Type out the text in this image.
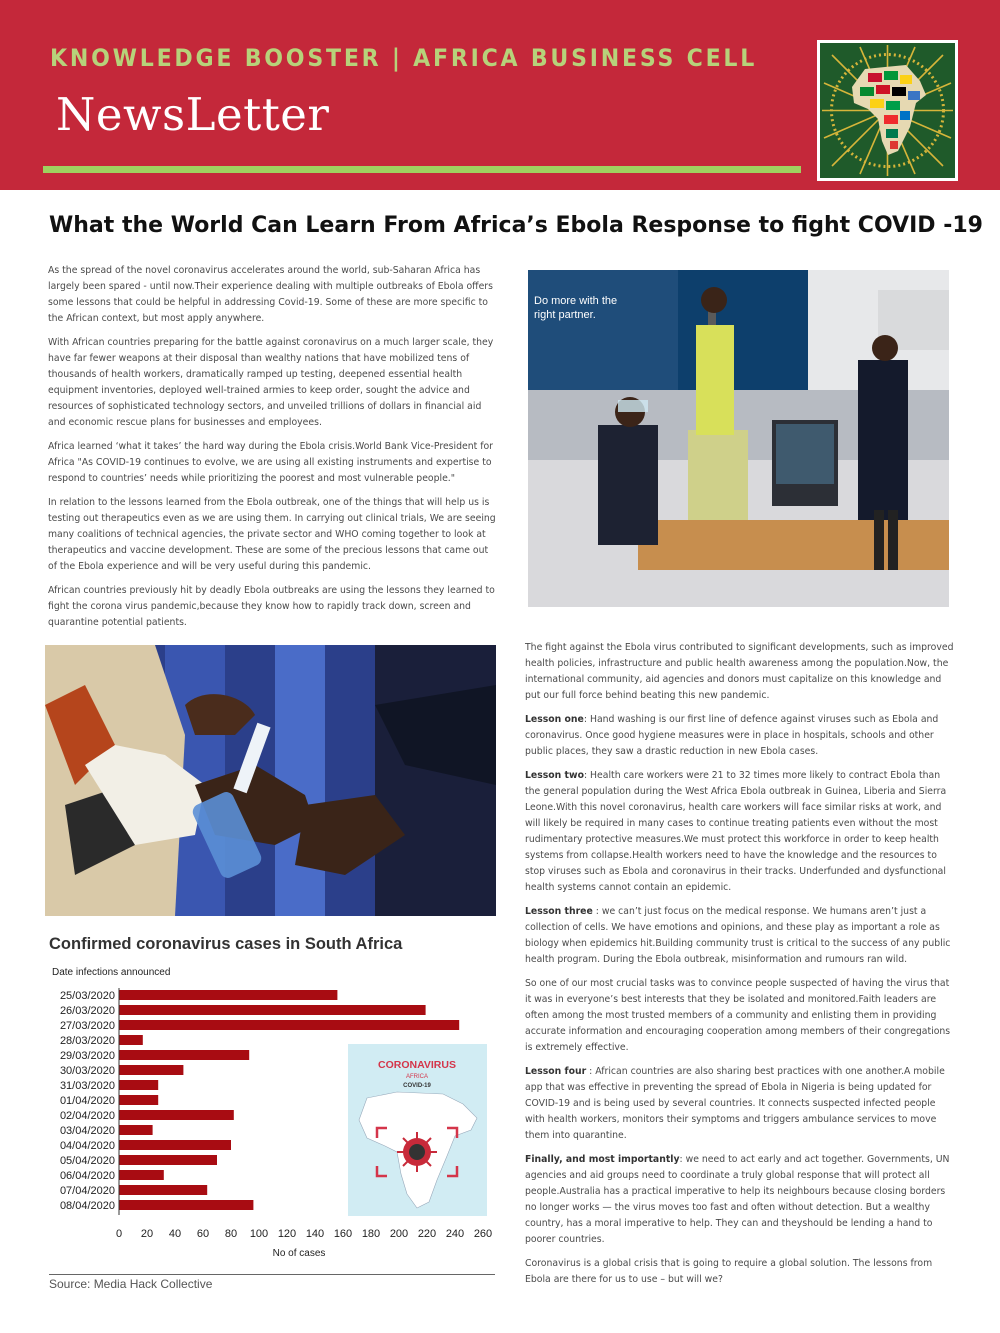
KNOWLEDGE BOOSTER | AFRICA BUSINESS CELL
NewsLetter
What the World Can Learn From Africa’s Ebola Response to fight COVID -19

As the spread of the novel coronavirus accelerates around the world, sub-Saharan Africa has largely been spared - until now.Their experience dealing with multiple outbreaks of Ebola offers some lessons that could be helpful in addressing Covid-19. Some of these are more specific to the African context, but most apply anywhere.

With African countries preparing for the battle against coronavirus on a much larger scale, they have far fewer weapons at their disposal than wealthy nations that have mobilized tens of thousands of health workers, dramatically ramped up testing, deepened essential health equipment inventories, deployed well-trained armies to keep order, sought the advice and resources of sophisticated technology sectors, and unveiled trillions of dollars in financial aid and economic rescue plans for businesses and employees.

Africa learned ‘what it takes’ the hard way during the Ebola crisis.World Bank Vice-President for Africa "As COVID-19 continues to evolve, we are using all existing instruments and expertise to respond to countries’ needs while prioritizing the poorest and most vulnerable people."

In relation to the lessons learned from the Ebola outbreak, one of the things that will help us is testing out therapeutics even as we are using them. In carrying out clinical trials, We are seeing many coalitions of technical agencies, the private sector and WHO coming together to look at therapeutics and vaccine development. These are some of the precious lessons that came out of the Ebola experience and will be very useful during this pandemic.

African countries previously hit by deadly Ebola outbreaks are using the lessons they learned to fight the corona virus pandemic,because they know how to rapidly track down, screen and quarantine potential patients.

Do more with the
right partner.
Confirmed coronavirus cases in South Africa
Date infections announced
CORONAVIRUS
AFRICA
COVID-19
25/03/2020
26/03/2020
27/03/2020
28/03/2020
29/03/2020
30/03/2020
31/03/2020
01/04/2020
02/04/2020
03/04/2020
04/04/2020
05/04/2020
06/04/2020
07/04/2020
08/04/2020
0 20 40 60 80 100 120 140 160 180 200 220 240 260
No of cases
Source: Media Hack Collective

The fight against the Ebola virus contributed to significant developments, such as improved health policies, infrastructure and public health awareness among the population.Now, the international community, aid agencies and donors must capitalize on this knowledge and put our full force behind beating this new pandemic.

Lesson one: Hand washing is our first line of defence against viruses such as Ebola and coronavirus. Once good hygiene measures were in place in hospitals, schools and other public places, they saw a drastic reduction in new Ebola cases.

Lesson two: Health care workers were 21 to 32 times more likely to contract Ebola than the general population during the West Africa Ebola outbreak in Guinea, Liberia and Sierra Leone.With this novel coronavirus, health care workers will face similar risks at work, and will likely be required in many cases to continue treating patients even without the most rudimentary protective measures.We must protect this workforce in order to keep health systems from collapse.Health workers need to have the knowledge and the resources to stop viruses such as Ebola and coronavirus in their tracks. Underfunded and dysfunctional health systems cannot contain an epidemic.

Lesson three : we can’t just focus on the medical response. We humans aren’t just a collection of cells. We have emotions and opinions, and these play as important a role as biology when epidemics hit.Building community trust is critical to the success of any public health program. During the Ebola outbreak, misinformation and rumours ran wild.

So one of our most crucial tasks was to convince people suspected of having the virus that it was in everyone’s best interests that they be isolated and monitored.Faith leaders are often among the most trusted members of a community and enlisting them in providing accurate information and encouraging cooperation among members of their congregations is extremely effective.

Lesson four : African countries are also sharing best practices with one another.A mobile app that was effective in preventing the spread of Ebola in Nigeria is being updated for COVID-19 and is being used by several countries. It connects suspected infected people with health workers, monitors their symptoms and triggers ambulance services to move them into quarantine.

Finally, and most importantly: we need to act early and act together. Governments, UN agencies and aid groups need to coordinate a truly global response that will protect all people.Australia has a practical imperative to help its neighbours because closing borders no longer works — the virus moves too fast and often without detection. But a wealthy country, has a moral imperative to help. They can and theyshould be lending a hand to poorer countries.

Coronavirus is a global crisis that is going to require a global solution. The lessons from Ebola are there for us to use – but will we?
